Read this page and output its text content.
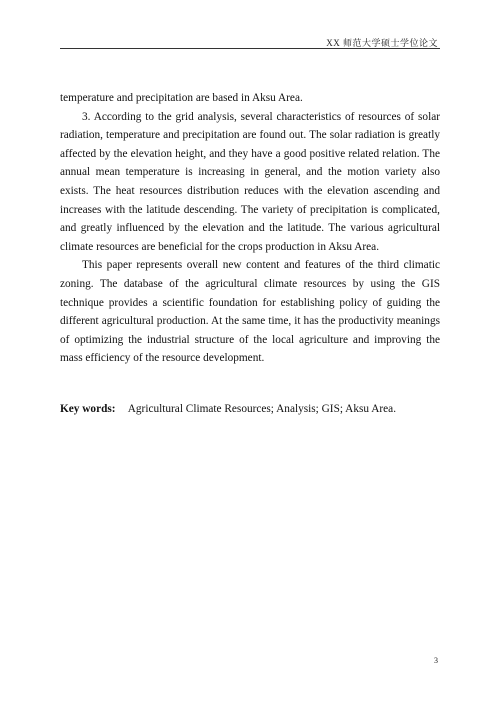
XX 师范大学硕士学位论文

temperature and precipitation are based in Aksu Area.

3. According to the grid analysis, several characteristics of resources of solar radiation, temperature and precipitation are found out. The solar radiation is greatly affected by the elevation height, and they have a good positive related relation. The annual mean temperature is increasing in general, and the motion variety also exists. The heat resources distribution reduces with the elevation ascending and increases with the latitude descending. The variety of precipitation is complicated, and greatly influenced by the elevation and the latitude. The various agricultural climate resources are beneficial for the crops production in Aksu Area.

This paper represents overall new content and features of the third climatic zoning. The database of the agricultural climate resources by using the GIS technique provides a scientific foundation for establishing policy of guiding the different agricultural production. At the same time, it has the productivity meanings of optimizing the industrial structure of the local agriculture and improving the mass efficiency of the resource development.

Key words: Agricultural Climate Resources; Analysis; GIS; Aksu Area.
3
